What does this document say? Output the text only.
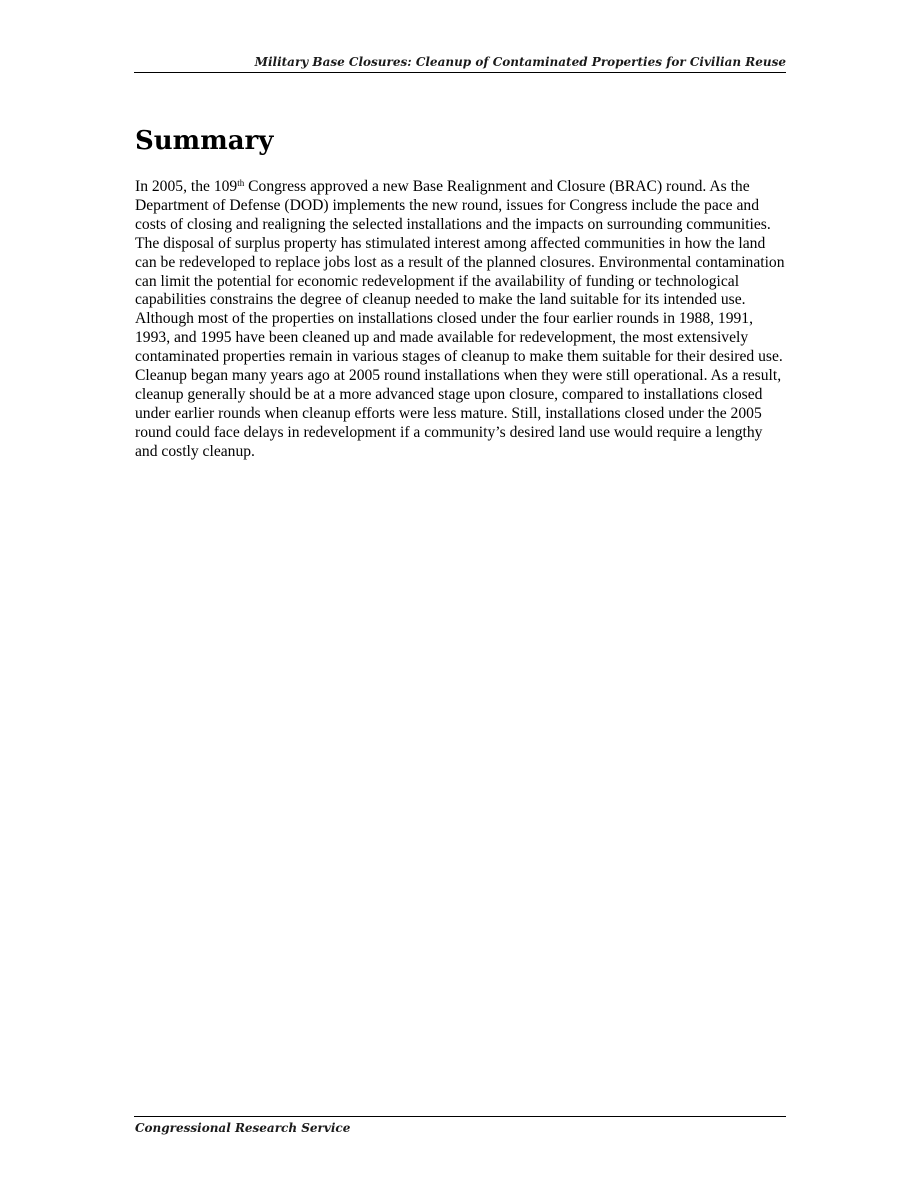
Military Base Closures: Cleanup of Contaminated Properties for Civilian Reuse
Summary

In 2005, the 109th Congress approved a new Base Realignment and Closure (BRAC) round. As the Department of Defense (DOD) implements the new round, issues for Congress include the pace and costs of closing and realigning the selected installations and the impacts on surrounding communities. The disposal of surplus property has stimulated interest among affected communities in how the land can be redeveloped to replace jobs lost as a result of the planned closures. Environmental contamination can limit the potential for economic redevelopment if the availability of funding or technological capabilities constrains the degree of cleanup needed to make the land suitable for its intended use. Although most of the properties on installations closed under the four earlier rounds in 1988, 1991, 1993, and 1995 have been cleaned up and made available for redevelopment, the most extensively contaminated properties remain in various stages of cleanup to make them suitable for their desired use. Cleanup began many years ago at 2005 round installations when they were still operational. As a result, cleanup generally should be at a more advanced stage upon closure, compared to installations closed under earlier rounds when cleanup efforts were less mature. Still, installations closed under the 2005 round could face delays in redevelopment if a community’s desired land use would require a lengthy and costly cleanup.

Congressional Research Service
